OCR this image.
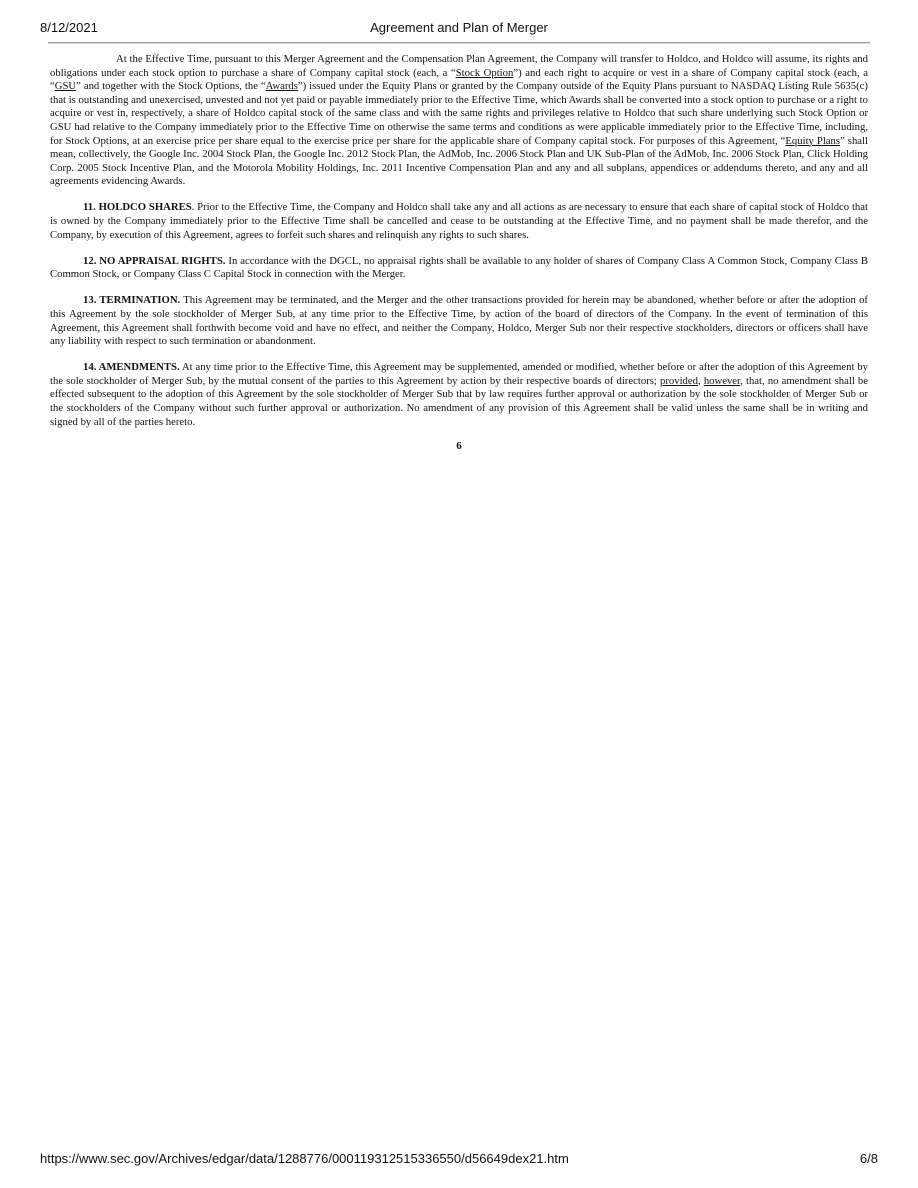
8/12/2021	Agreement and Plan of Merger

At the Effective Time, pursuant to this Merger Agreement and the Compensation Plan Agreement, the Company will transfer to Holdco, and Holdco will assume, its rights and obligations under each stock option to purchase a share of Company capital stock (each, a “Stock Option”) and each right to acquire or vest in a share of Company capital stock (each, a “GSU” and together with the Stock Options, the “Awards”) issued under the Equity Plans or granted by the Company outside of the Equity Plans pursuant to NASDAQ Listing Rule 5635(c) that is outstanding and unexercised, unvested and not yet paid or payable immediately prior to the Effective Time, which Awards shall be converted into a stock option to purchase or a right to acquire or vest in, respectively, a share of Holdco capital stock of the same class and with the same rights and privileges relative to Holdco that such share underlying such Stock Option or GSU had relative to the Company immediately prior to the Effective Time on otherwise the same terms and conditions as were applicable immediately prior to the Effective Time, including, for Stock Options, at an exercise price per share equal to the exercise price per share for the applicable share of Company capital stock. For purposes of this Agreement, “Equity Plans” shall mean, collectively, the Google Inc. 2004 Stock Plan, the Google Inc. 2012 Stock Plan, the AdMob, Inc. 2006 Stock Plan and UK Sub-Plan of the AdMob, Inc. 2006 Stock Plan, Click Holding Corp. 2005 Stock Incentive Plan, and the Motorola Mobility Holdings, Inc. 2011 Incentive Compensation Plan and any and all subplans, appendices or addendums thereto, and any and all agreements evidencing Awards.

11. HOLDCO SHARES. Prior to the Effective Time, the Company and Holdco shall take any and all actions as are necessary to ensure that each share of capital stock of Holdco that is owned by the Company immediately prior to the Effective Time shall be cancelled and cease to be outstanding at the Effective Time, and no payment shall be made therefor, and the Company, by execution of this Agreement, agrees to forfeit such shares and relinquish any rights to such shares.

12. NO APPRAISAL RIGHTS. In accordance with the DGCL, no appraisal rights shall be available to any holder of shares of Company Class A Common Stock, Company Class B Common Stock, or Company Class C Capital Stock in connection with the Merger.

13. TERMINATION. This Agreement may be terminated, and the Merger and the other transactions provided for herein may be abandoned, whether before or after the adoption of this Agreement by the sole stockholder of Merger Sub, at any time prior to the Effective Time, by action of the board of directors of the Company. In the event of termination of this Agreement, this Agreement shall forthwith become void and have no effect, and neither the Company, Holdco, Merger Sub nor their respective stockholders, directors or officers shall have any liability with respect to such termination or abandonment.

14. AMENDMENTS. At any time prior to the Effective Time, this Agreement may be supplemented, amended or modified, whether before or after the adoption of this Agreement by the sole stockholder of Merger Sub, by the mutual consent of the parties to this Agreement by action by their respective boards of directors; provided, however, that, no amendment shall be effected subsequent to the adoption of this Agreement by the sole stockholder of Merger Sub that by law requires further approval or authorization by the sole stockholder of Merger Sub or the stockholders of the Company without such further approval or authorization. No amendment of any provision of this Agreement shall be valid unless the same shall be in writing and signed by all of the parties hereto.

6
https://www.sec.gov/Archives/edgar/data/1288776/000119312515336550/d56649dex21.htm	6/8
